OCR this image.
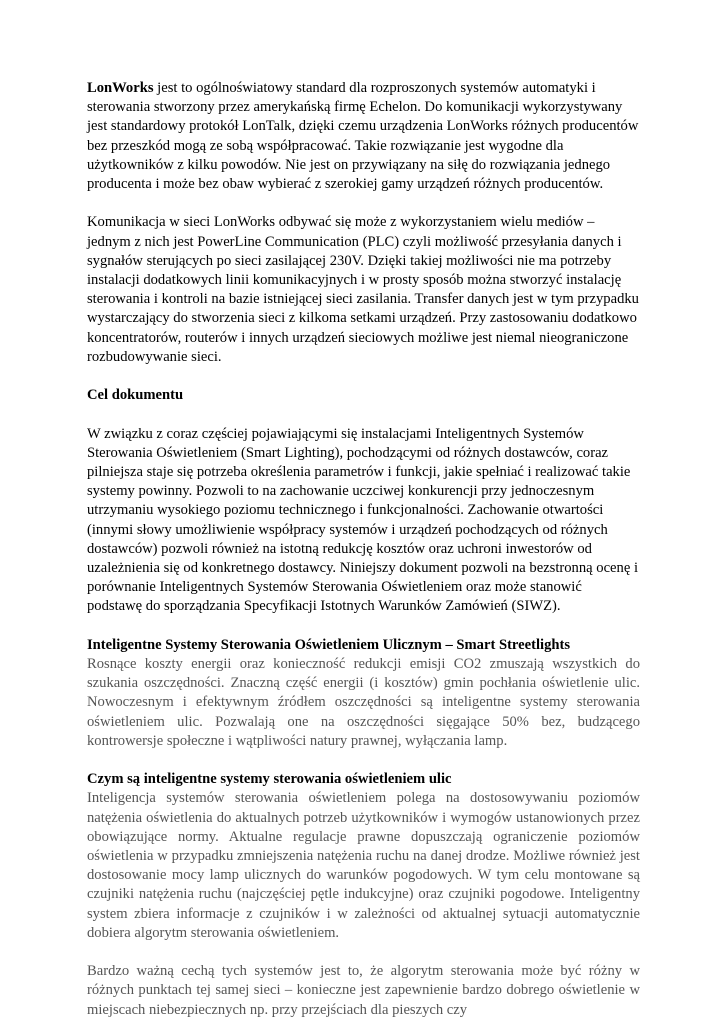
LonWorks jest to ogólnoświatowy standard dla rozproszonych systemów automatyki i sterowania stworzony przez amerykańską firmę Echelon. Do komunikacji wykorzystywany jest standardowy protokół LonTalk, dzięki czemu urządzenia LonWorks różnych producentów bez przeszkód mogą ze sobą współpracować. Takie rozwiązanie jest wygodne dla użytkowników z kilku powodów. Nie jest on przywiązany na siłę do rozwiązania jednego producenta i może bez obaw wybierać z szerokiej gamy urządzeń różnych producentów.

Komunikacja w sieci LonWorks odbywać się może z wykorzystaniem wielu mediów – jednym z nich jest PowerLine Communication (PLC) czyli możliwość przesyłania danych i sygnałów sterujących po sieci zasilającej 230V. Dzięki takiej możliwości nie ma potrzeby instalacji dodatkowych linii komunikacyjnych i w prosty sposób można stworzyć instalację sterowania i kontroli na bazie istniejącej sieci zasilania. Transfer danych jest w tym przypadku wystarczający do stworzenia sieci z kilkoma setkami urządzeń. Przy zastosowaniu dodatkowo koncentratorów, routerów i innych urządzeń sieciowych możliwe jest niemal nieograniczone rozbudowywanie sieci.

Cel dokumentu

W związku z coraz częściej pojawiającymi się instalacjami Inteligentnych Systemów Sterowania Oświetleniem (Smart Lighting), pochodzącymi od różnych dostawców, coraz pilniejsza staje się potrzeba określenia parametrów i funkcji, jakie spełniać i realizować takie systemy powinny. Pozwoli to na zachowanie uczciwej konkurencji przy jednoczesnym utrzymaniu wysokiego poziomu technicznego i funkcjonalności. Zachowanie otwartości (innymi słowy umożliwienie współpracy systemów i urządzeń pochodzących od różnych dostawców) pozwoli również na istotną redukcję kosztów oraz uchroni inwestorów od uzależnienia się od konkretnego dostawcy. Niniejszy dokument pozwoli na bezstronną ocenę i porównanie Inteligentnych Systemów Sterowania Oświetleniem oraz może stanowić podstawę do sporządzania Specyfikacji Istotnych Warunków Zamówień (SIWZ).

Inteligentne Systemy Sterowania Oświetleniem Ulicznym – Smart Streetlights

Rosnące koszty energii oraz konieczność redukcji emisji CO2 zmuszają wszystkich do szukania oszczędności. Znaczną część energii (i kosztów) gmin pochłania oświetlenie ulic. Nowoczesnym i efektywnym źródłem oszczędności są inteligentne systemy sterowania oświetleniem ulic. Pozwalają one na oszczędności sięgające 50% bez, budzącego kontrowersje społeczne i wątpliwości natury prawnej, wyłączania lamp.

Czym są inteligentne systemy sterowania oświetleniem ulic

Inteligencja systemów sterowania oświetleniem polega na dostosowywaniu poziomów natężenia oświetlenia do aktualnych potrzeb użytkowników i wymogów ustanowionych przez obowiązujące normy. Aktualne regulacje prawne dopuszczają ograniczenie poziomów oświetlenia w przypadku zmniejszenia natężenia ruchu na danej drodze. Możliwe również jest dostosowanie mocy lamp ulicznych do warunków pogodowych. W tym celu montowane są czujniki natężenia ruchu (najczęściej pętle indukcyjne) oraz czujniki pogodowe. Inteligentny system zbiera informacje z czujników i w zależności od aktualnej sytuacji automatycznie dobiera algorytm sterowania oświetleniem.

Bardzo ważną cechą tych systemów jest to, że algorytm sterowania może być różny w różnych punktach tej samej sieci – konieczne jest zapewnienie bardzo dobrego oświetlenie w miejscach niebezpiecznych np. przy przejściach dla pieszych czy
